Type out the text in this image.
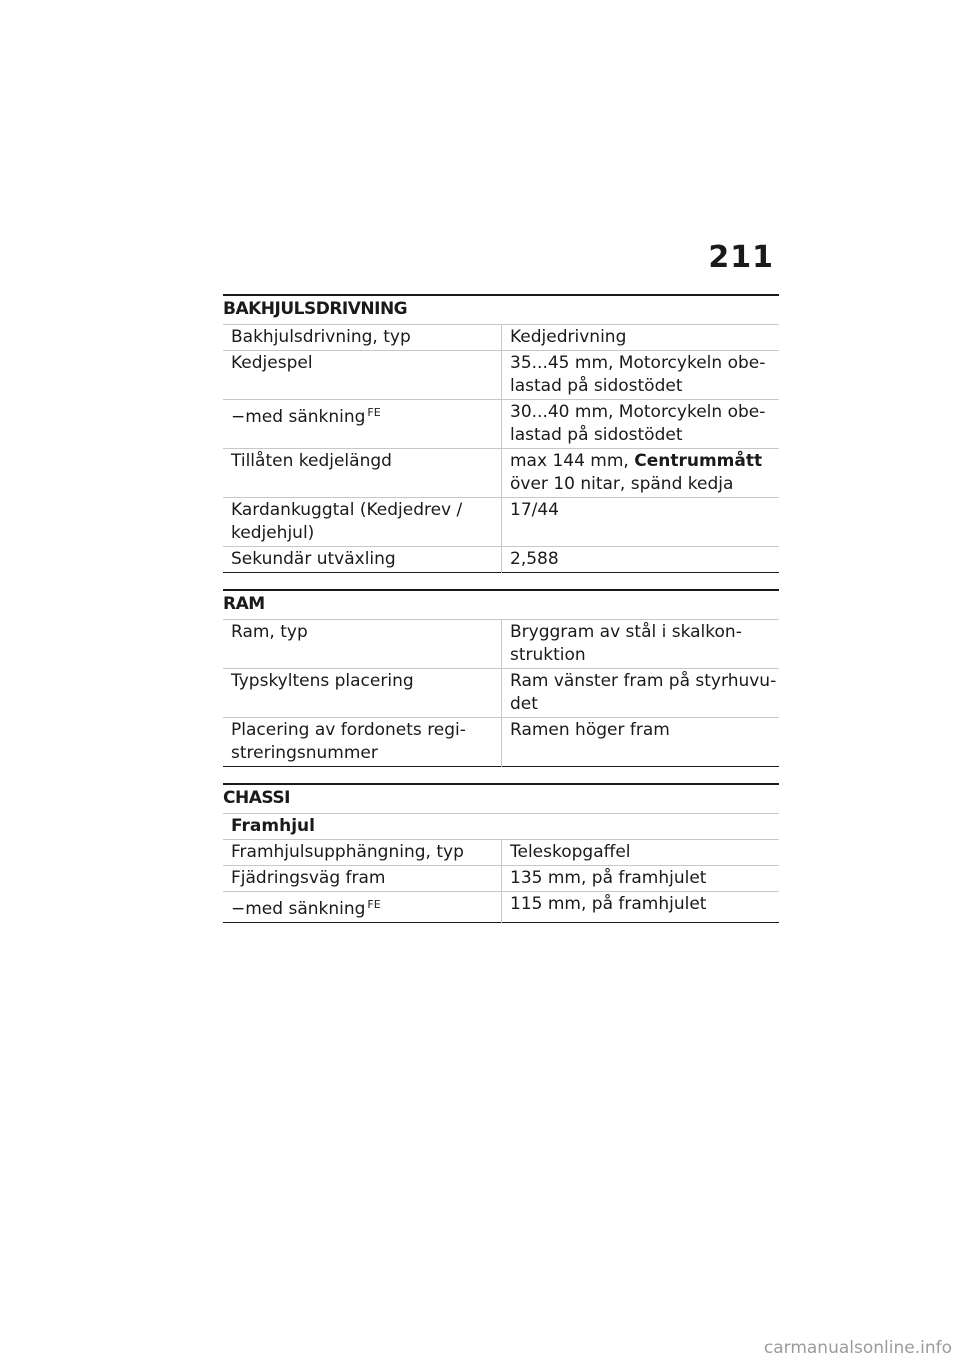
211
BAKHJULSDRIVNING
Bakhjulsdrivning, typ	Kedjedrivning
Kedjespel	35...45 mm, Motorcykeln obe-
lastad på sidostödet
−med sänkning $^{FE}$	30...40 mm, Motorcykeln obe-
lastad på sidostödet
Tillåten kedjelängd	max 144 mm, Centrummått
över 10 nitar, spänd kedja
Kardankuggtal (Kedjedrev /
kedjehjul)	17/44
Sekundär utväxling	2,588
RAM
Ram, typ	Bryggram av stål i skalkon-
struktion
Typskyltens placering	Ram vänster fram på styrhuvu-
det
Placering av fordonets regi-
streringsnummer	Ramen höger fram
CHASSI
Framhjul	
Framhjulsupphängning, typ	Teleskopgaffel
Fjädringsväg fram	135 mm, på framhjulet
−med sänkning $^{FE}$	115 mm, på framhjulet
carmanualsonline.info
